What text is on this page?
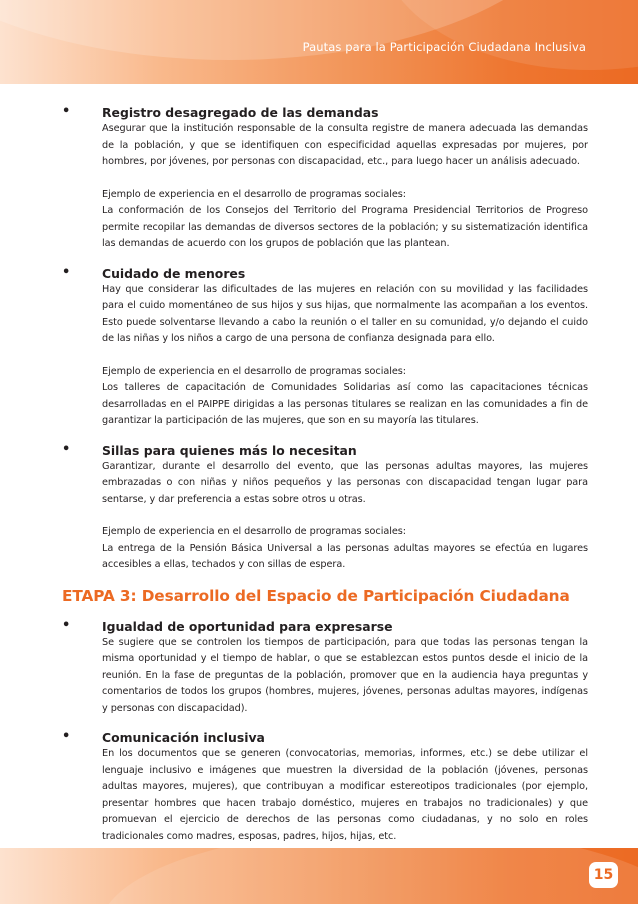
Pautas para la Participación Ciudadana Inclusiva
•	Registro desagregado de las demandas

Asegurar que la institución responsable de la consulta registre de manera adecuada las demandas de la población, y que se identifiquen con especificidad aquellas expresadas por mujeres, por hombres, por jóvenes, por personas con discapacidad, etc., para luego hacer un análisis adecuado.

Ejemplo de experiencia en el desarrollo de programas sociales:

La conformación de los Consejos del Territorio del Programa Presidencial Territorios de Progreso permite recopilar las demandas de diversos sectores de la población; y su sistematización identifica las demandas de acuerdo con los grupos de población que las plantean.

•	Cuidado de menores

Hay que considerar las dificultades de las mujeres en relación con su movilidad y las facilidades para el cuido momentáneo de sus hijos y sus hijas, que normalmente las acompañan a los eventos. Esto puede solventarse llevando a cabo la reunión o el taller en su comunidad, y/o dejando el cuido de las niñas y los niños a cargo de una persona de confianza designada para ello.

Ejemplo de experiencia en el desarrollo de programas sociales:

Los talleres de capacitación de Comunidades Solidarias así como las capacitaciones técnicas desarrolladas en el PAIPPE dirigidas a las personas titulares se realizan en las comunidades a fin de garantizar la participación de las mujeres, que son en su mayoría las titulares.

•	Sillas para quienes más lo necesitan

Garantizar, durante el desarrollo del evento, que las personas adultas mayores, las mujeres embrazadas o con niñas y niños pequeños y las personas con discapacidad tengan lugar para sentarse, y dar preferencia a estas sobre otros u otras.

Ejemplo de experiencia en el desarrollo de programas sociales:

La entrega de la Pensión Básica Universal a las personas adultas mayores se efectúa en lugares accesibles a ellas, techados y con sillas de espera.

ETAPA 3: Desarrollo del Espacio de Participación Ciudadana
•	Igualdad de oportunidad para expresarse

Se sugiere que se controlen los tiempos de participación, para que todas las personas tengan la misma oportunidad y el tiempo de hablar, o que se establezcan estos puntos desde el inicio de la reunión. En la fase de preguntas de la población, promover que en la audiencia haya preguntas y comentarios de todos los grupos (hombres, mujeres, jóvenes, personas adultas mayores, indígenas y personas con discapacidad).

•	Comunicación inclusiva

En los documentos que se generen (convocatorias, memorias, informes, etc.) se debe utilizar el lenguaje inclusivo e imágenes que muestren la diversidad de la población (jóvenes, personas adultas mayores, mujeres), que contribuyan a modificar estereotipos tradicionales (por ejemplo, presentar hombres que hacen trabajo doméstico, mujeres en trabajos no tradicionales) y que promuevan el ejercicio de derechos de las personas como ciudadanas, y no solo en roles tradicionales como madres, esposas, padres, hijos, hijas, etc.

15
